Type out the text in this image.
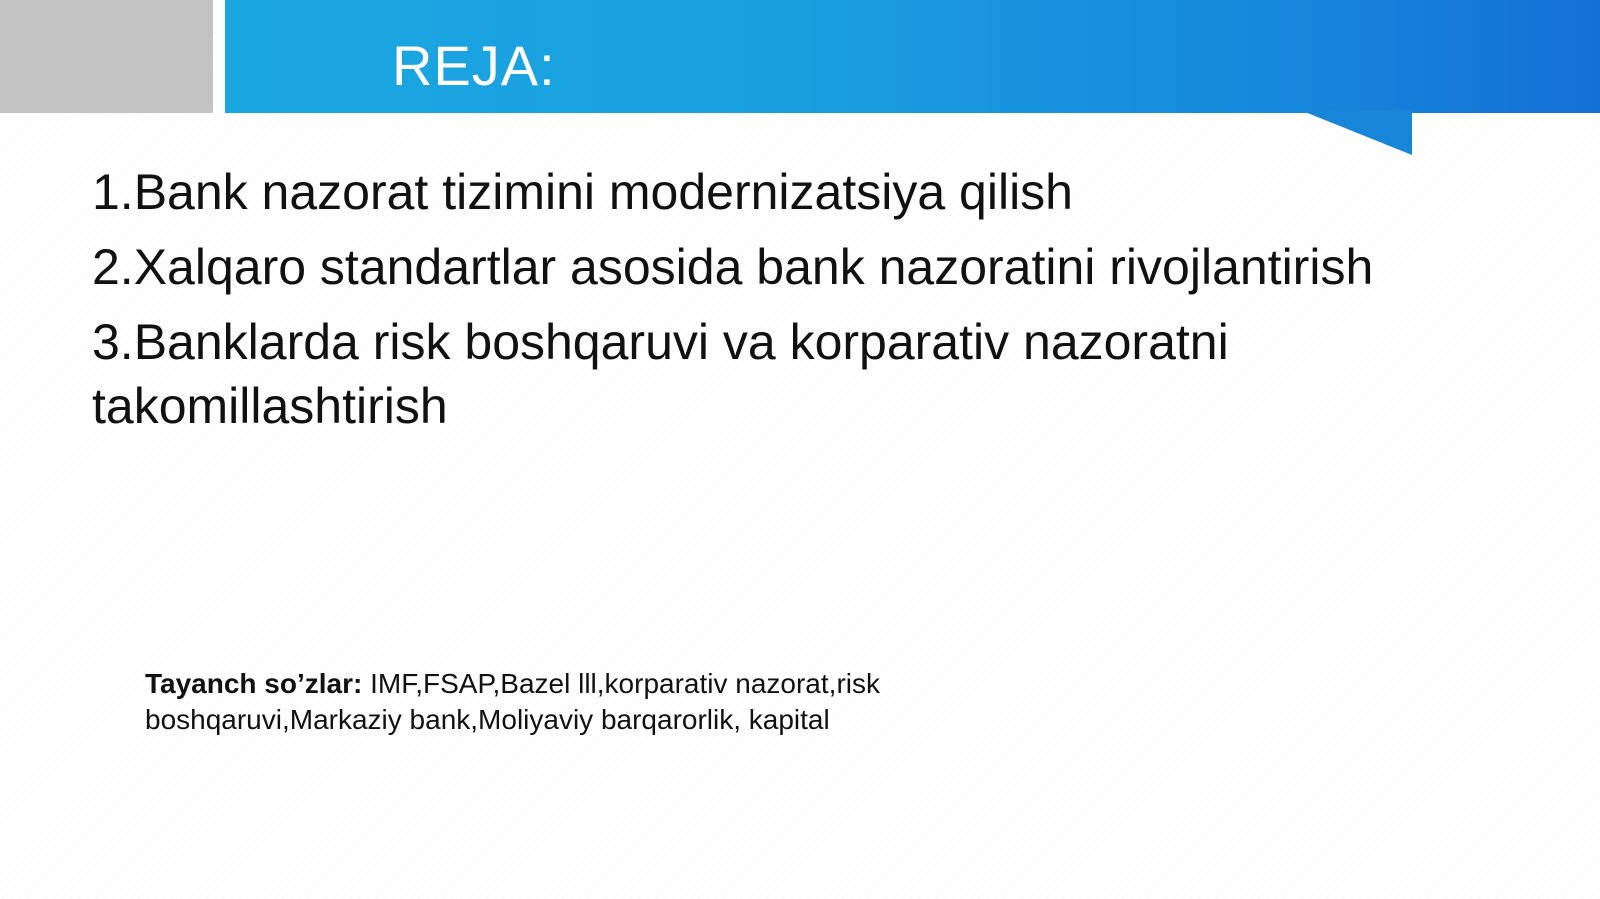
REJA:
1.Bank nazorat tizimini modernizatsiya qilish
2.Xalqaro standartlar asosida bank nazoratini rivojlantirish
3.Banklarda risk boshqaruvi va korparativ nazoratni takomillashtirish

Tayanch so’zlar: IMF,FSAP,Bazel lll,korparativ nazorat,risk boshqaruvi,Markaziy bank,Moliyaviy barqarorlik, kapital
